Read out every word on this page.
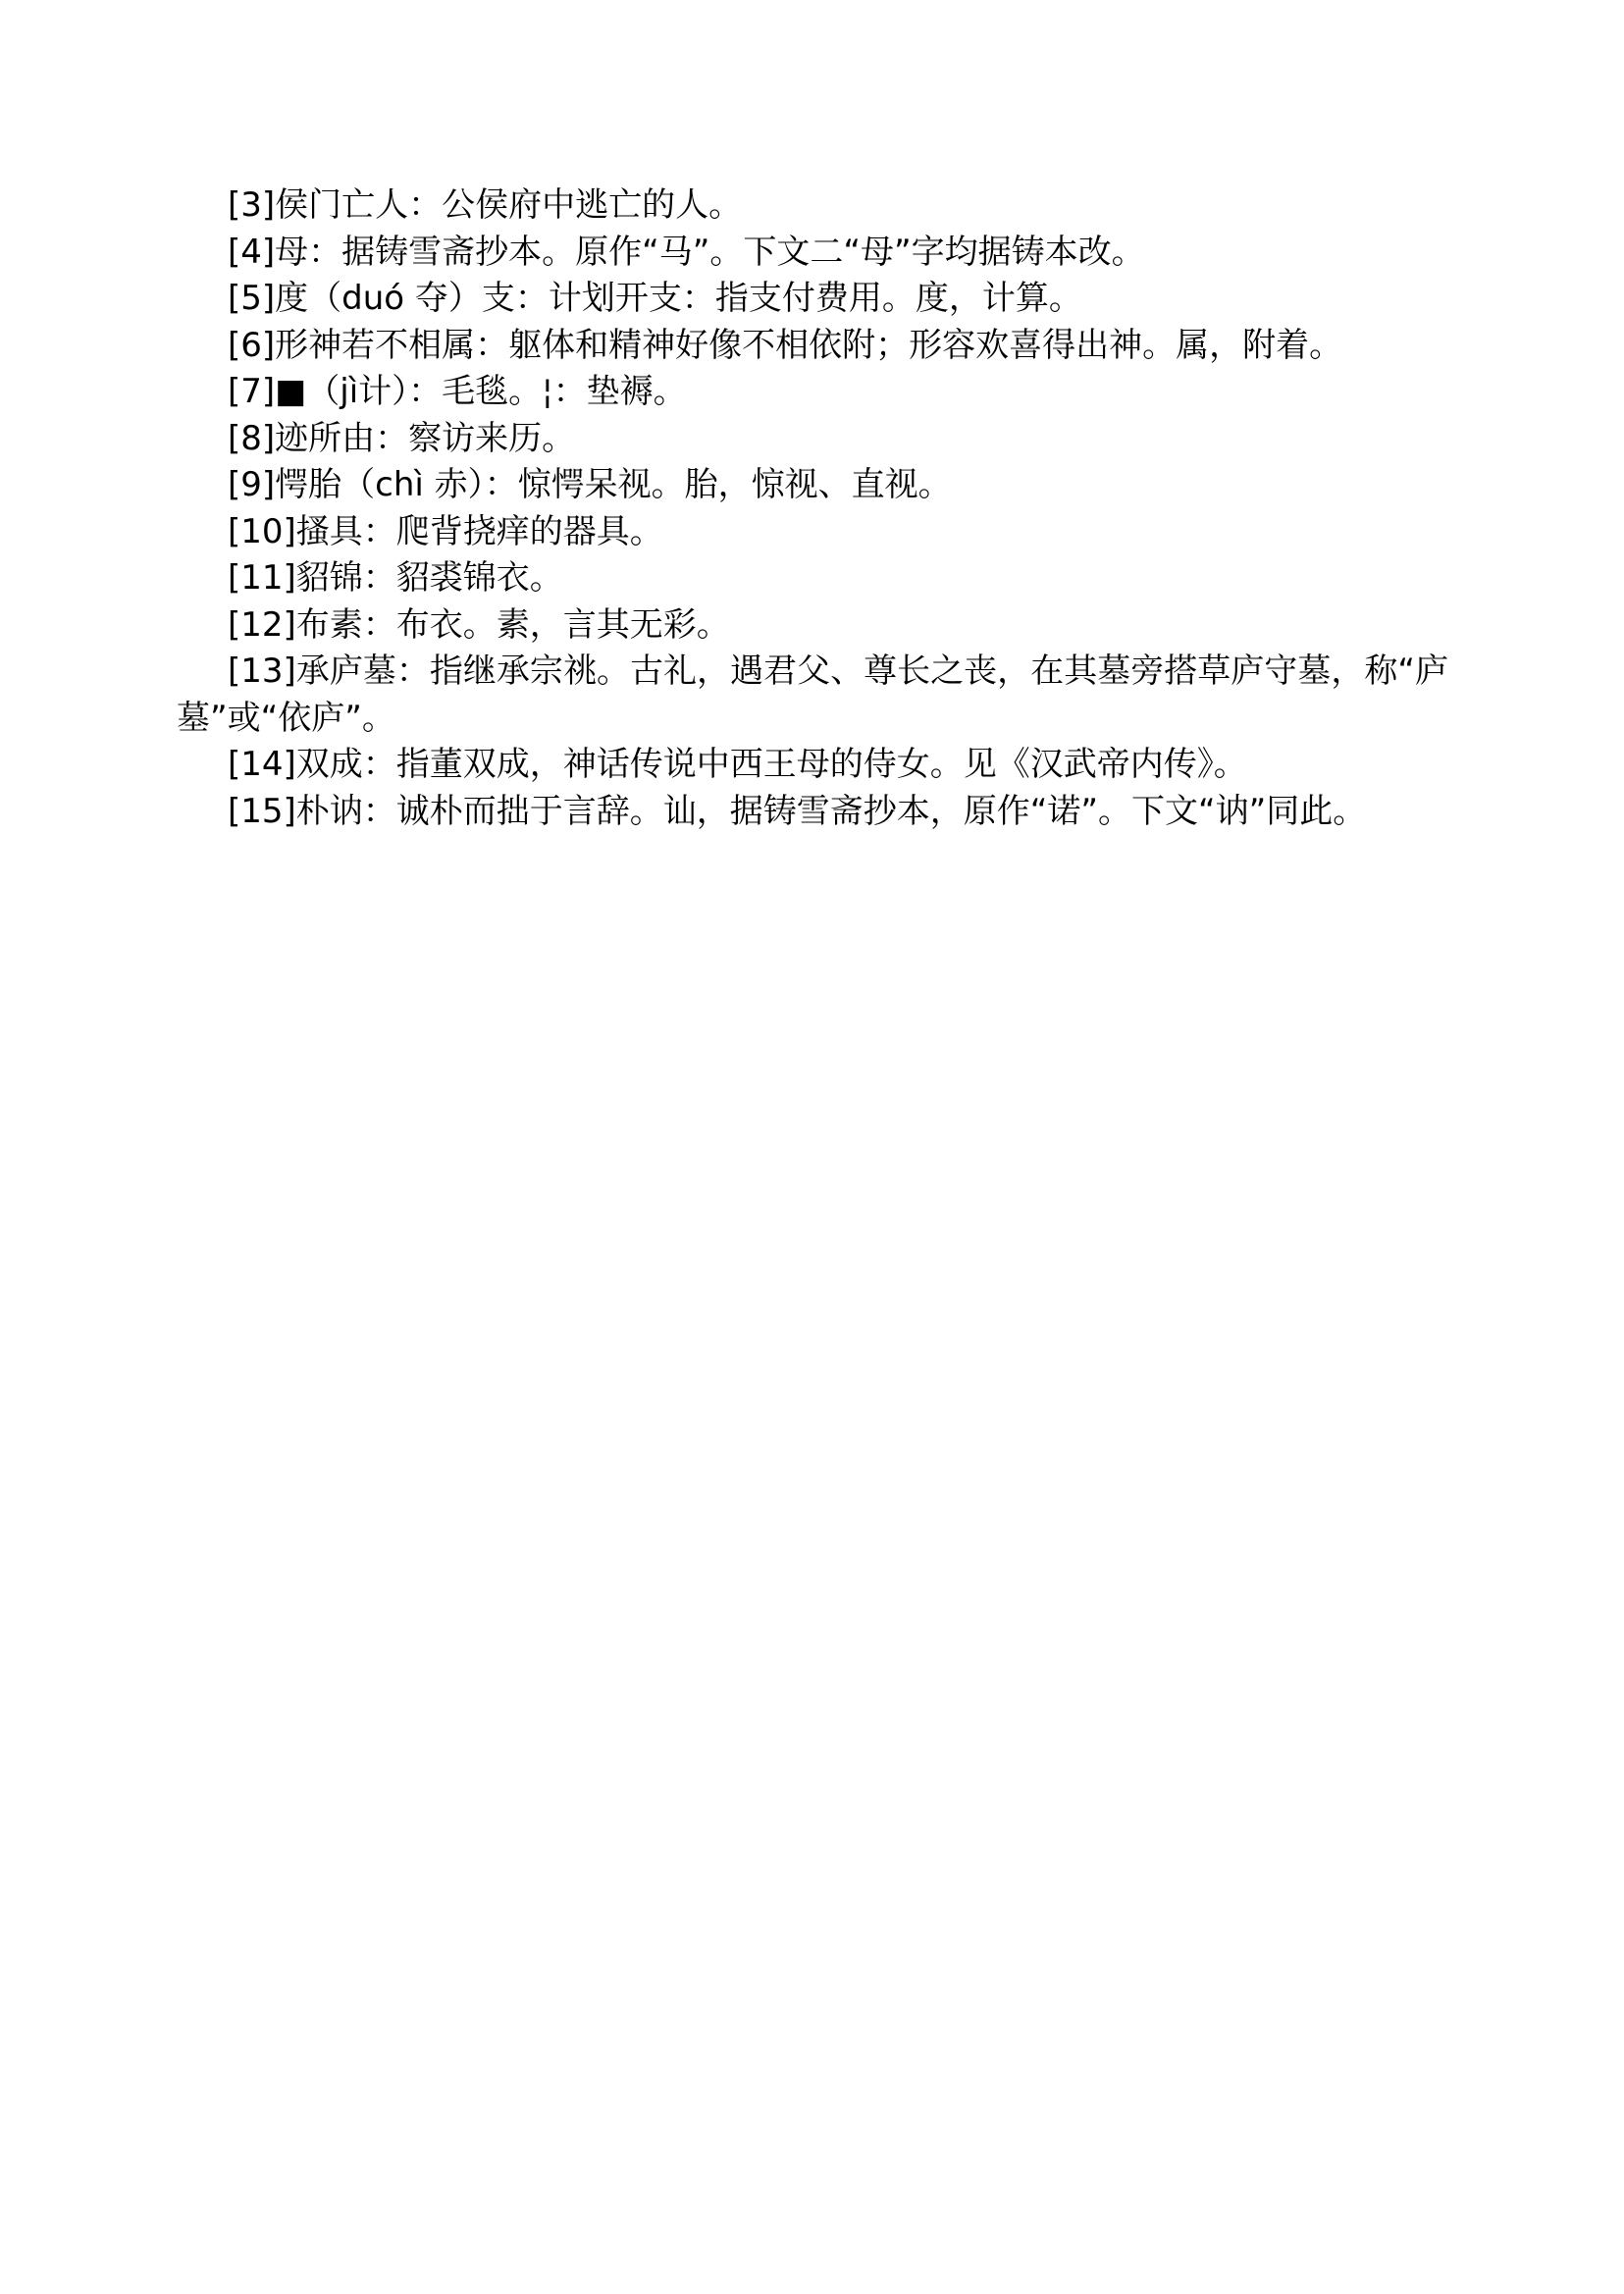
[3]侯门亡人：公侯府中逃亡的人。

[4]母：据铸雪斋抄本。原作“马”。下文二“母”字均据铸本改。

[5]度（duó 夺）支：计划开支：指支付费用。度，计算。

[6]形神若不相属：躯体和精神好像不相依附；形容欢喜得出神。属，附着。

[7]■（jì计）：毛毯。¦：垫褥。

[8]迹所由：察访来历。

[9]愕胎（chì 赤）：惊愕呆视。胎，惊视、直视。

[10]搔具：爬背挠痒的器具。

[11]貂锦：貂裘锦衣。

[12]布素：布衣。素，言其无彩。

[13]承庐墓：指继承宗祧。古礼，遇君父、尊长之丧，在其墓旁搭草庐守墓，称“庐墓”或“依庐”。

[14]双成：指董双成，神话传说中西王母的侍女。见《汉武帝内传》。

[15]朴讷：诚朴而拙于言辞。讪，据铸雪斋抄本，原作“诺”。下文“讷”同此。
